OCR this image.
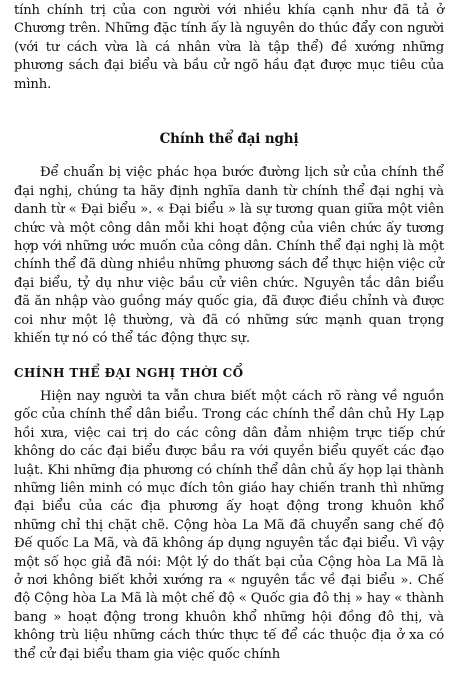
tính chính trị của con người với nhiều khía cạnh như đã tả ở Chương trên. Những đặc tính ấy là nguyên do thúc đẩy con người (với tư cách vừa là cá nhân vừa là tập thể) đề xướng những phương sách đại biểu và bầu cử ngõ hầu đạt được mục tiêu của mình.

Chính thể đại nghị

Để chuẩn bị việc phác họa bước đường lịch sử của chính thể đại nghị, chúng ta hãy định nghĩa danh từ chính thể đại nghị và danh từ « Đại biểu ». « Đại biểu » là sự tương quan giữa một viên chức và một công dân mỗi khi hoạt động của viên chức ấy tương hợp với những ước muốn của công dân. Chính thể đại nghị là một chính thể đã dùng nhiều những phương sách để thực hiện việc cử đại biểu, tỷ dụ như việc bầu cử viên chức. Nguyên tắc dân biểu đã ăn nhập vào guồng máy quốc gia, đã được điều chỉnh và được coi như một lệ thường, và đã có những sức mạnh quan trọng khiến tự nó có thể tác động thực sự.

CHÍNH THỂ ĐẠI NGHỊ THỜI CỔ

Hiện nay người ta vẫn chưa biết một cách rõ ràng về nguồn gốc của chính thể dân biểu. Trong các chính thể dân chủ Hy Lạp hồi xưa, việc cai trị do các công dân đảm nhiệm trực tiếp chứ không do các đại biểu được bầu ra với quyền biểu quyết các đạo luật. Khi những địa phương có chính thể dân chủ ấy họp lại thành những liên minh có mục đích tôn giáo hay chiến tranh thì những đại biểu của các địa phương ấy hoạt động trong khuôn khổ những chỉ thị chặt chẽ. Cộng hòa La Mã đã chuyển sang chế độ Đế quốc La Mã, và đã không áp dụng nguyên tắc đại biểu. Vì vậy một số học giả đã nói: Một lý do thất bại của Cộng hòa La Mã là ở nơi không biết khởi xướng ra « nguyên tắc về đại biểu ». Chế độ Cộng hòa La Mã là một chế độ « Quốc gia đô thị » hay « thành bang » hoạt động trong khuôn khổ những hội đồng đô thị, và không trù liệu những cách thức thực tế để các thuộc địa ở xa có thể cử đại biểu tham gia việc quốc chính
